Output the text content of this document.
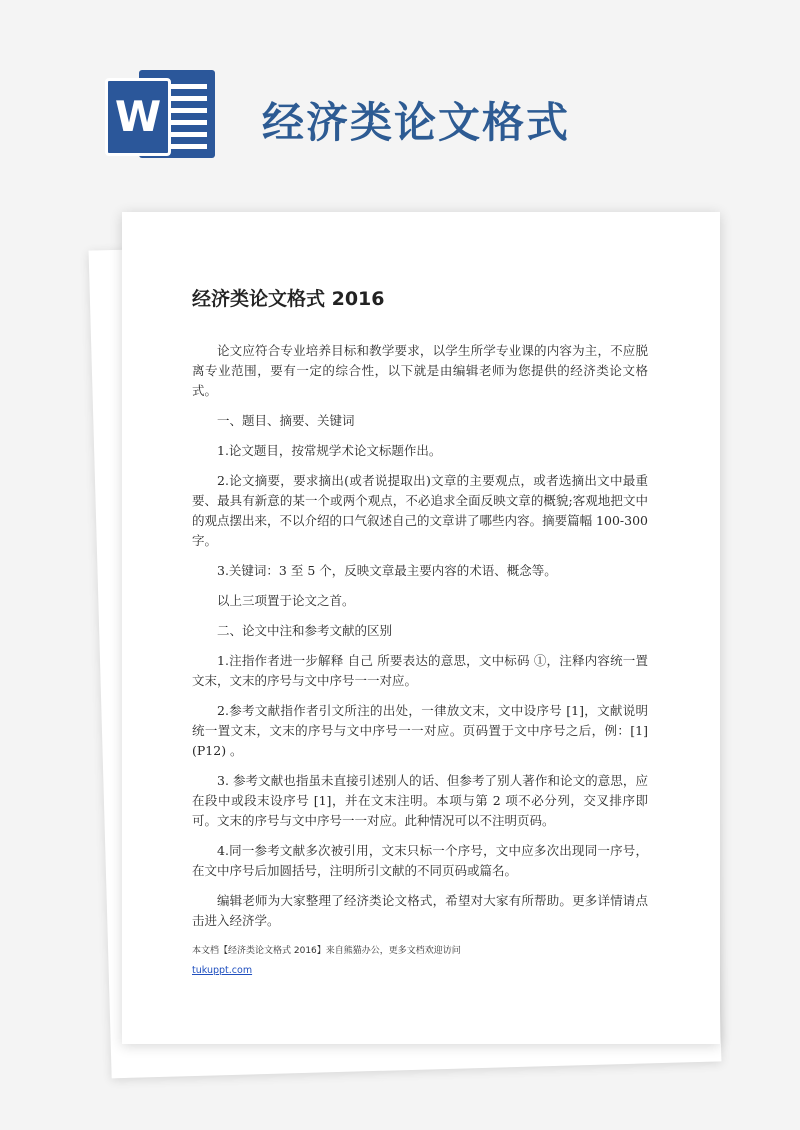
W 经济类论文格式
经济类论文格式 2016

论文应符合专业培养目标和教学要求，以学生所学专业课的内容为主，不应脱离专业范围，要有一定的综合性，以下就是由编辑老师为您提供的经济类论文格式。

一、题目、摘要、关键词

1.论文题目，按常规学术论文标题作出。

2.论文摘要，要求摘出(或者说提取出)文章的主要观点，或者选摘出文中最重要、最具有新意的某一个或两个观点，不必追求全面反映文章的概貌;客观地把文中的观点摆出来，不以介绍的口气叙述自己的文章讲了哪些内容。摘要篇幅 100-300 字。

3.关键词：3 至 5 个，反映文章最主要内容的术语、概念等。

以上三项置于论文之首。

二、论文中注和参考文献的区别

1.注指作者进一步解释 自己 所要表达的意思，文中标码 ①，注释内容统一置文末，文末的序号与文中序号一一对应。

2.参考文献指作者引文所注的出处，一律放文末，文中设序号 [1]，文献说明统一置文末，文末的序号与文中序号一一对应。页码置于文中序号之后，例：[1](P12) 。

3. 参考文献也指虽未直接引述别人的话、但参考了别人著作和论文的意思，应在段中或段末设序号 [1]，并在文末注明。本项与第 2 项不必分列，交叉排序即可。文末的序号与文中序号一一对应。此种情况可以不注明页码。

4.同一参考文献多次被引用，文末只标一个序号，文中应多次出现同一序号，在文中序号后加圆括号，注明所引文献的不同页码或篇名。

编辑老师为大家整理了经济类论文格式，希望对大家有所帮助。更多详情请点击进入经济学。

本文档【经济类论文格式 2016】来自熊猫办公，更多文档欢迎访问
tukuppt.com
